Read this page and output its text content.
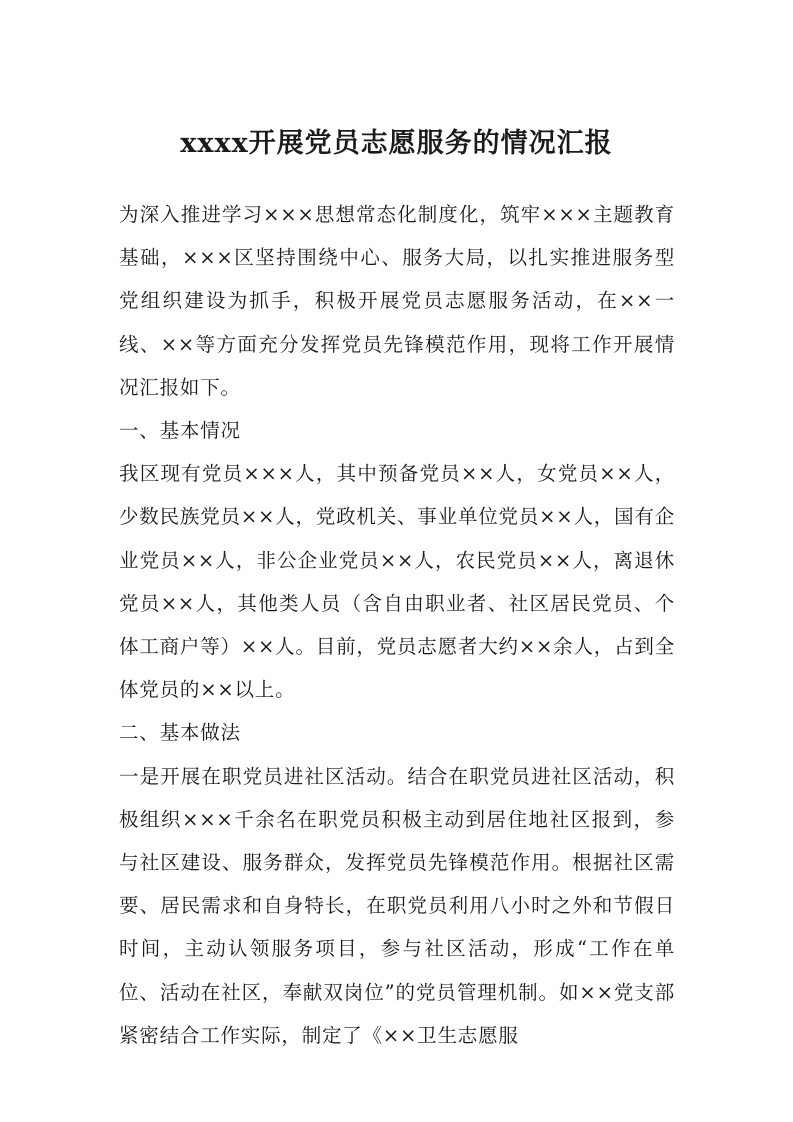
xxxx开展党员志愿服务的情况汇报

为深入推进学习×××思想常态化制度化，筑牢×××主题教育基础，×××区坚持围绕中心、服务大局，以扎实推进服务型党组织建设为抓手，积极开展党员志愿服务活动，在××一线、××等方面充分发挥党员先锋模范作用，现将工作开展情况汇报如下。

一、基本情况

我区现有党员×××人，其中预备党员××人，女党员××人，少数民族党员××人，党政机关、事业单位党员××人，国有企业党员××人，非公企业党员××人，农民党员××人，离退休党员××人，其他类人员（含自由职业者、社区居民党员、个体工商户等）××人。目前，党员志愿者大约××余人，占到全体党员的××以上。

二、基本做法

一是开展在职党员进社区活动。结合在职党员进社区活动，积极组织×××千余名在职党员积极主动到居住地社区报到，参与社区建设、服务群众，发挥党员先锋模范作用。根据社区需要、居民需求和自身特长，在职党员利用八小时之外和节假日时间，主动认领服务项目，参与社区活动，形成“工作在单位、活动在社区，奉献双岗位”的党员管理机制。如××党支部紧密结合工作实际，制定了《××卫生志愿服
